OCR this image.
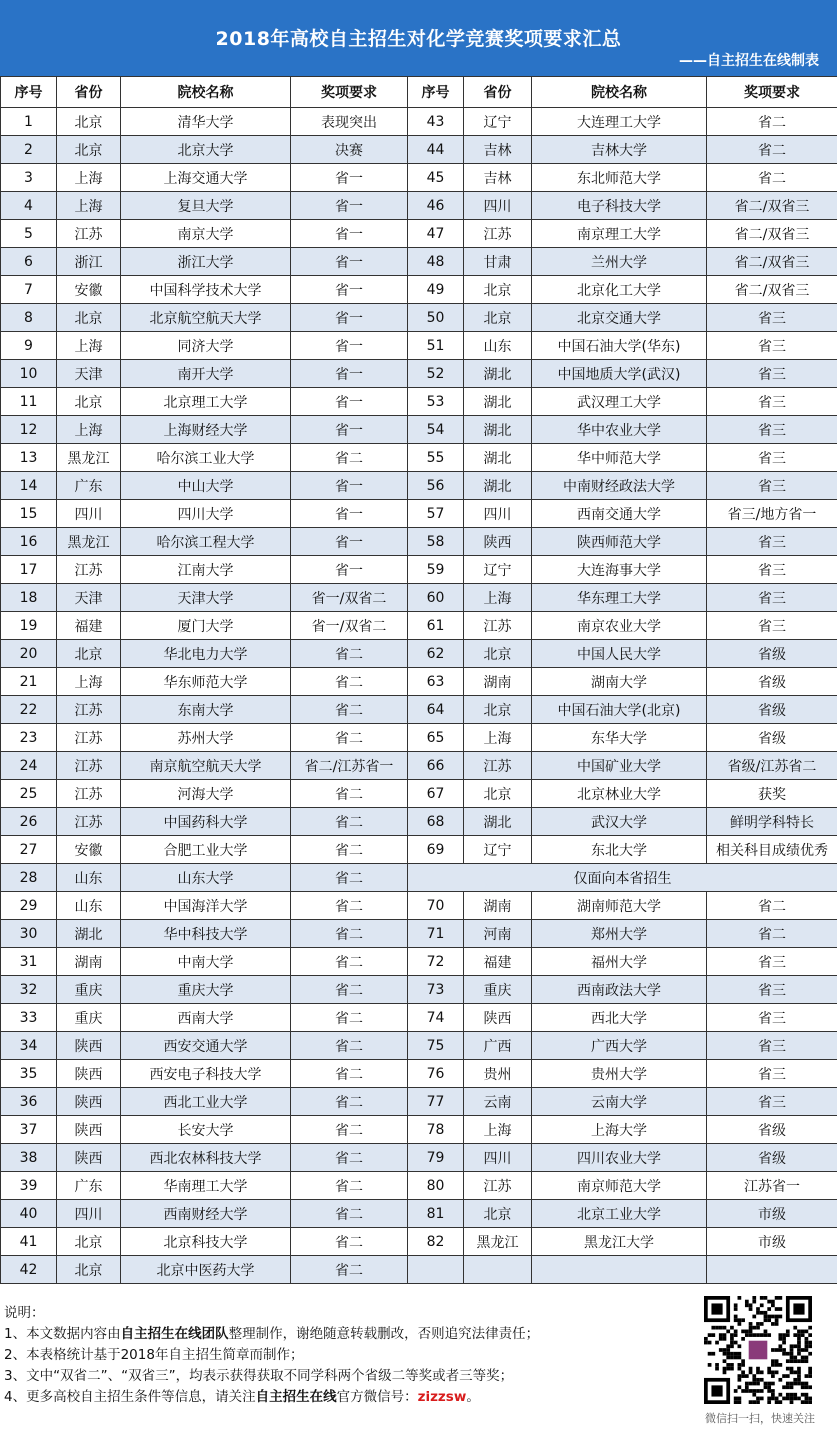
2018年高校自主招生对化学竞赛奖项要求汇总
——自主招生在线制表
序号	省份	院校名称	奖项要求	序号	省份	院校名称	奖项要求
1	北京	清华大学	表现突出	43	辽宁	大连理工大学	省二
2	北京	北京大学	决赛	44	吉林	吉林大学	省二
3	上海	上海交通大学	省一	45	吉林	东北师范大学	省二
4	上海	复旦大学	省一	46	四川	电子科技大学	省二/双省三
5	江苏	南京大学	省一	47	江苏	南京理工大学	省二/双省三
6	浙江	浙江大学	省一	48	甘肃	兰州大学	省二/双省三
7	安徽	中国科学技术大学	省一	49	北京	北京化工大学	省二/双省三
8	北京	北京航空航天大学	省一	50	北京	北京交通大学	省三
9	上海	同济大学	省一	51	山东	中国石油大学(华东)	省三
10	天津	南开大学	省一	52	湖北	中国地质大学(武汉)	省三
11	北京	北京理工大学	省一	53	湖北	武汉理工大学	省三
12	上海	上海财经大学	省一	54	湖北	华中农业大学	省三
13	黑龙江	哈尔滨工业大学	省二	55	湖北	华中师范大学	省三
14	广东	中山大学	省一	56	湖北	中南财经政法大学	省三
15	四川	四川大学	省一	57	四川	西南交通大学	省三/地方省一
16	黑龙江	哈尔滨工程大学	省一	58	陕西	陕西师范大学	省三
17	江苏	江南大学	省一	59	辽宁	大连海事大学	省三
18	天津	天津大学	省一/双省二	60	上海	华东理工大学	省三
19	福建	厦门大学	省一/双省二	61	江苏	南京农业大学	省三
20	北京	华北电力大学	省二	62	北京	中国人民大学	省级
21	上海	华东师范大学	省二	63	湖南	湖南大学	省级
22	江苏	东南大学	省二	64	北京	中国石油大学(北京)	省级
23	江苏	苏州大学	省二	65	上海	东华大学	省级
24	江苏	南京航空航天大学	省二/江苏省一	66	江苏	中国矿业大学	省级/江苏省二
25	江苏	河海大学	省二	67	北京	北京林业大学	获奖
26	江苏	中国药科大学	省二	68	湖北	武汉大学	鲜明学科特长
27	安徽	合肥工业大学	省二	69	辽宁	东北大学	相关科目成绩优秀
28	山东	山东大学	省二	仅面向本省招生			
29	山东	中国海洋大学	省二	70	湖南	湖南师范大学	省二
30	湖北	华中科技大学	省二	71	河南	郑州大学	省二
31	湖南	中南大学	省二	72	福建	福州大学	省三
32	重庆	重庆大学	省二	73	重庆	西南政法大学	省三
33	重庆	西南大学	省二	74	陕西	西北大学	省三
34	陕西	西安交通大学	省二	75	广西	广西大学	省三
35	陕西	西安电子科技大学	省二	76	贵州	贵州大学	省三
36	陕西	西北工业大学	省二	77	云南	云南大学	省三
37	陕西	长安大学	省二	78	上海	上海大学	省级
38	陕西	西北农林科技大学	省二	79	四川	四川农业大学	省级
39	广东	华南理工大学	省二	80	江苏	南京师范大学	江苏省一
40	四川	西南财经大学	省二	81	北京	北京工业大学	市级
41	北京	北京科技大学	省二	82	黑龙江	黑龙江大学	市级
42	北京	北京中医药大学	省二				
说明：
1、本文数据内容由自主招生在线团队整理制作，谢绝随意转载删改，否则追究法律责任；
2、本表格统计基于2018年自主招生简章而制作；
3、文中“双省二”、“双省三”，均表示获得获取不同学科两个省级二等奖或者三等奖；
4、更多高校自主招生条件等信息，请关注自主招生在线官方微信号：zizzsw。
微信扫一扫，快速关注
